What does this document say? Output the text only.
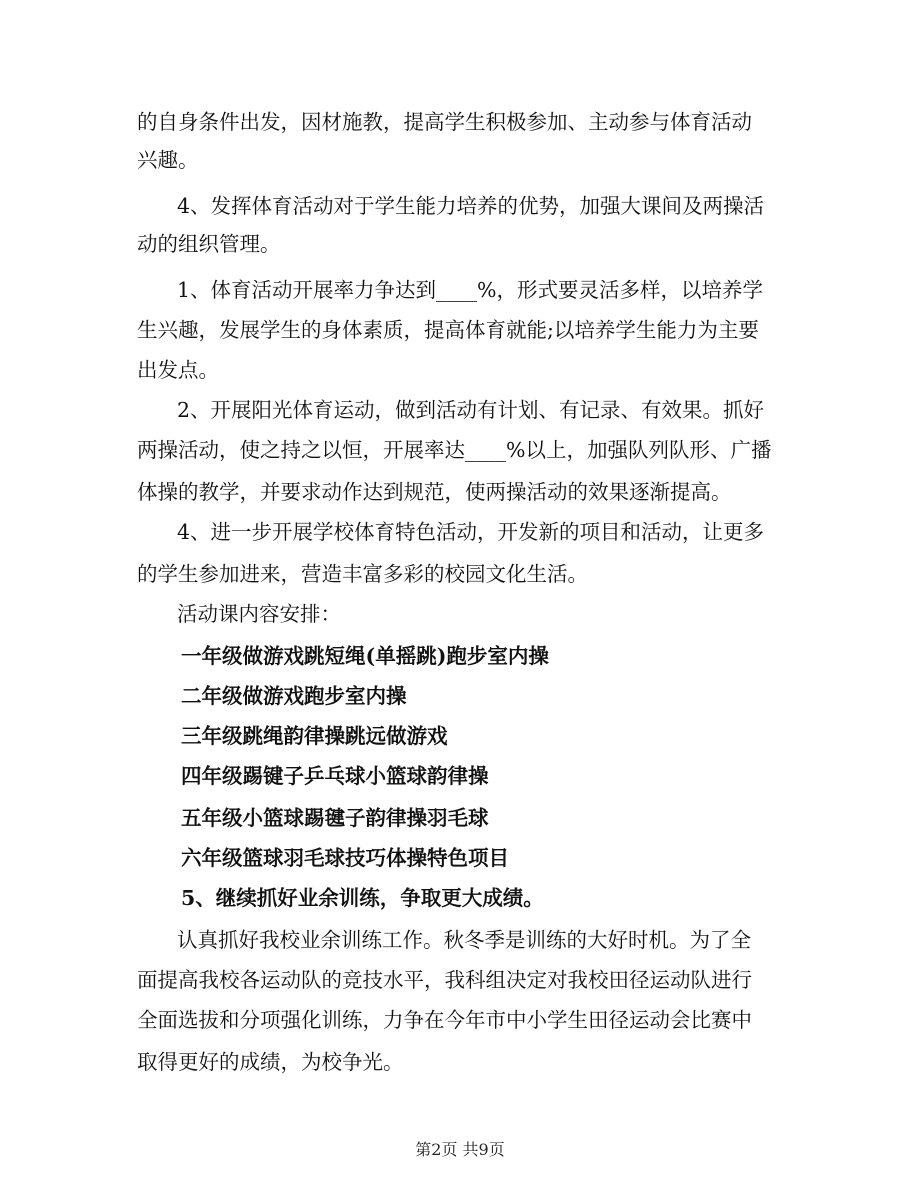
的自身条件出发，因材施教，提高学生积极参加、主动参与体育活动
兴趣。
4、发挥体育活动对于学生能力培养的优势，加强大课间及两操活
动的组织管理。
1、体育活动开展率力争达到____%，形式要灵活多样，以培养学
生兴趣，发展学生的身体素质，提高体育就能;以培养学生能力为主要
出发点。
2、开展阳光体育运动，做到活动有计划、有记录、有效果。抓好
两操活动，使之持之以恒，开展率达____%以上，加强队列队形、广播
体操的教学，并要求动作达到规范，使两操活动的效果逐渐提高。
4、进一步开展学校体育特色活动，开发新的项目和活动，让更多
的学生参加进来，营造丰富多彩的校园文化生活。
活动课内容安排：
一年级做游戏跳短绳(单摇跳)跑步室内操
二年级做游戏跑步室内操
三年级跳绳韵律操跳远做游戏
四年级踢键子乒乓球小篮球韵律操
五年级小篮球踢毽子韵律操羽毛球
六年级篮球羽毛球技巧体操特色项目
5、继续抓好业余训练，争取更大成绩。
认真抓好我校业余训练工作。秋冬季是训练的大好时机。为了全
面提高我校各运动队的竞技水平，我科组决定对我校田径运动队进行
全面选拔和分项强化训练，力争在今年市中小学生田径运动会比赛中
取得更好的成绩，为校争光。
第2页 共9页
